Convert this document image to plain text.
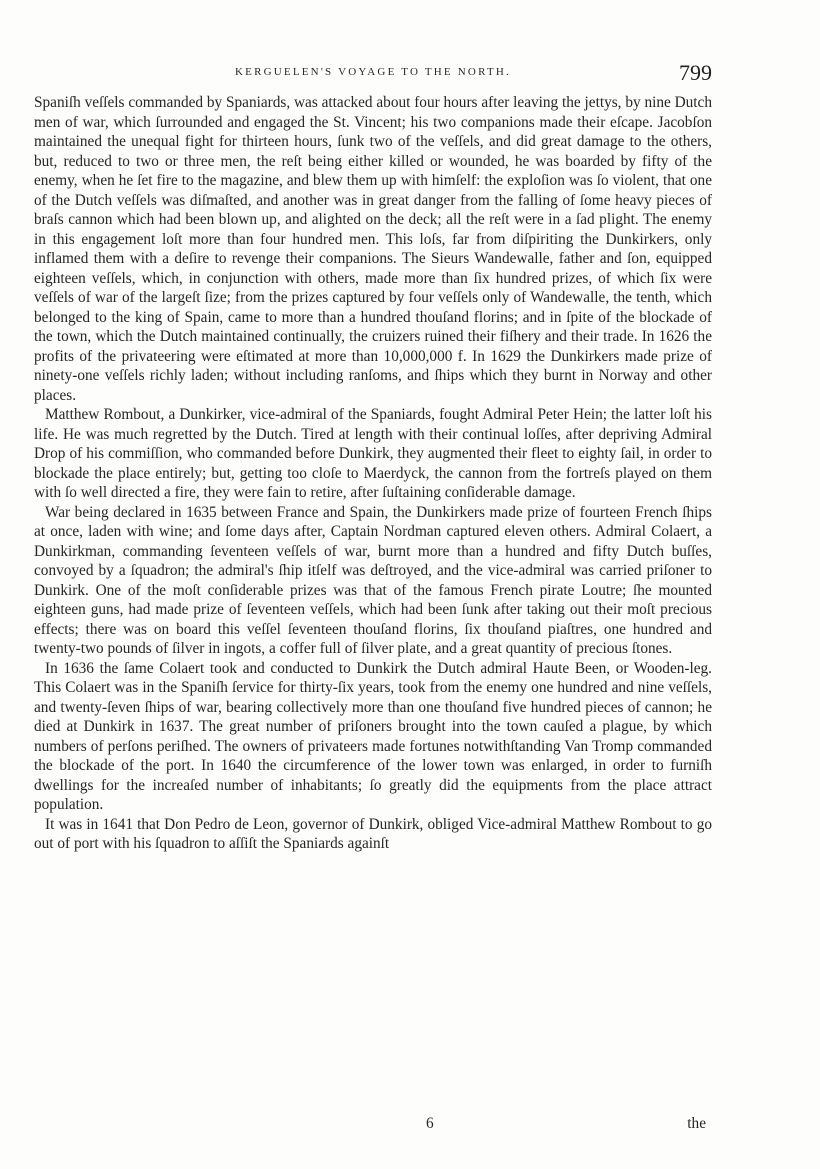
KERGUELEN'S VOYAGE TO THE NORTH.	799

Spaniſh veſſels commanded by Spaniards, was attacked about four hours after leaving the jettys, by nine Dutch men of war, which ſurrounded and engaged the St. Vincent; his two companions made their eſcape. Jacobſon maintained the unequal fight for thirteen hours, ſunk two of the veſſels, and did great damage to the others, but, reduced to two or three men, the reſt being either killed or wounded, he was boarded by fifty of the enemy, when he ſet fire to the magazine, and blew them up with himſelf: the exploſion was ſo violent, that one of the Dutch veſſels was diſmaſted, and another was in great danger from the falling of ſome heavy pieces of braſs cannon which had been blown up, and alighted on the deck; all the reſt were in a ſad plight. The enemy in this engagement loſt more than four hundred men. This loſs, far from diſpiriting the Dunkirkers, only inflamed them with a deſire to revenge their companions. The Sieurs Wandewalle, father and ſon, equipped eighteen veſſels, which, in conjunction with others, made more than ſix hundred prizes, of which ſix were veſſels of war of the largeſt ſize; from the prizes captured by four veſſels only of Wandewalle, the tenth, which belonged to the king of Spain, came to more than a hundred thouſand florins; and in ſpite of the blockade of the town, which the Dutch maintained continually, the cruizers ruined their fiſhery and their trade. In 1626 the profits of the privateering were eſtimated at more than 10,000,000 f. In 1629 the Dunkirkers made prize of ninety-one veſſels richly laden; without including ranſoms, and ſhips which they burnt in Norway and other places.

Matthew Rombout, a Dunkirker, vice-admiral of the Spaniards, fought Admiral Peter Hein; the latter loſt his life. He was much regretted by the Dutch. Tired at length with their continual loſſes, after depriving Admiral Drop of his commiſſion, who commanded before Dunkirk, they augmented their fleet to eighty ſail, in order to blockade the place entirely; but, getting too cloſe to Maerdyck, the cannon from the fortreſs played on them with ſo well directed a fire, they were fain to retire, after ſuſtaining conſiderable damage.

War being declared in 1635 between France and Spain, the Dunkirkers made prize of fourteen French ſhips at once, laden with wine; and ſome days after, Captain Nordman captured eleven others. Admiral Colaert, a Dunkirkman, commanding ſeventeen veſſels of war, burnt more than a hundred and fifty Dutch buſſes, convoyed by a ſquadron; the admiral's ſhip itſelf was deſtroyed, and the vice-admiral was carried priſoner to Dunkirk. One of the moſt conſiderable prizes was that of the famous French pirate Loutre; ſhe mounted eighteen guns, had made prize of ſeventeen veſſels, which had been ſunk after taking out their moſt precious effects; there was on board this veſſel ſeventeen thouſand florins, ſix thouſand piaſtres, one hundred and twenty-two pounds of ſilver in ingots, a coffer full of ſilver plate, and a great quantity of precious ſtones.

In 1636 the ſame Colaert took and conducted to Dunkirk the Dutch admiral Haute Been, or Wooden-leg. This Colaert was in the Spaniſh ſervice for thirty-ſix years, took from the enemy one hundred and nine veſſels, and twenty-ſeven ſhips of war, bearing collectively more than one thouſand five hundred pieces of cannon; he died at Dunkirk in 1637. The great number of priſoners brought into the town cauſed a plague, by which numbers of perſons periſhed. The owners of privateers made fortunes notwithſtanding Van Tromp commanded the blockade of the port. In 1640 the circumference of the lower town was enlarged, in order to furniſh dwellings for the increaſed number of inhabitants; ſo greatly did the equipments from the place attract population.

It was in 1641 that Don Pedro de Leon, governor of Dunkirk, obliged Vice-admiral Matthew Rombout to go out of port with his ſquadron to aſſiſt the Spaniards againſt

6	the
